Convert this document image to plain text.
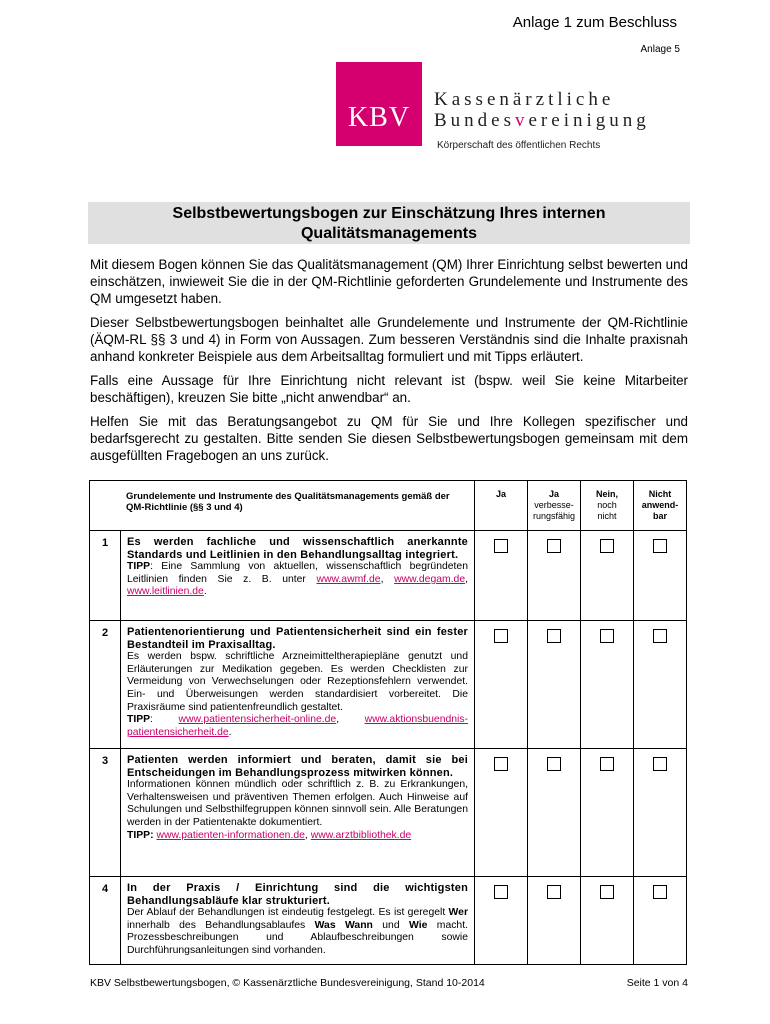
Anlage 1 zum Beschluss
Anlage 5
KBV
Kassenärztliche
Bundesvereinigung
Körperschaft des öffentlichen Rechts
Selbstbewertungsbogen zur Einschätzung Ihres internen
Qualitätsmanagements

Mit diesem Bogen können Sie das Qualitätsmanagement (QM) Ihrer Einrichtung selbst bewerten und einschätzen, inwieweit Sie die in der QM-Richtlinie geforderten Grundelemente und Instrumente des QM umgesetzt haben.

Dieser Selbstbewertungsbogen beinhaltet alle Grundelemente und Instrumente der QM-Richtlinie (ÄQM-RL §§ 3 und 4) in Form von Aussagen. Zum besseren Verständnis sind die Inhalte praxisnah anhand konkreter Beispiele aus dem Arbeitsalltag formuliert und mit Tipps erläutert.

Falls eine Aussage für Ihre Einrichtung nicht relevant ist (bspw. weil Sie keine Mitarbeiter beschäftigen), kreuzen Sie bitte „nicht anwendbar“ an.

Helfen Sie mit das Beratungsangebot zu QM für Sie und Ihre Kollegen spezifischer und bedarfsgerecht zu gestalten. Bitte senden Sie diesen Selbstbewertungsbogen gemeinsam mit dem ausgefüllten Fragebogen an uns zurück.

Grundelemente und Instrumente des Qualitätsmanagements gemäß der QM-Richtlinie (§§ 3 und 4)		Ja	Ja
verbesse-
rungsfähig	Nein,
noch
nicht	Nicht
anwend-
bar
1	Es werden fachliche und wissenschaftlich anerkannte Standards und Leitlinien in den Behandlungsalltag integriert.
TIPP: Eine Sammlung von aktuellen, wissenschaftlich begründeten Leitlinien finden Sie z. B. unter www.awmf.de, www.degam.de, www.leitlinien.de.				

2	Patientenorientierung und Patientensicherheit sind ein fester Bestandteil im Praxisalltag.
Es werden bspw. schriftliche Arzneimitteltherapiepläne genutzt und Erläuterungen zur Medikation gegeben. Es werden Checklisten zur Vermeidung von Verwechselungen oder Rezeptionsfehlern verwendet. Ein- und Überweisungen werden standardisiert vorbereitet. Die Praxisräume sind patientenfreundlich gestaltet.
TIPP: www.patientensicherheit-online.de, www.aktionsbuendnis-patientensicherheit.de.				

3	Patienten werden informiert und beraten, damit sie bei Entscheidungen im Behandlungsprozess mitwirken können.
Informationen können mündlich oder schriftlich z. B. zu Erkrankungen, Verhaltensweisen und präventiven Themen erfolgen. Auch Hinweise auf Schulungen und Selbsthilfegruppen können sinnvoll sein. Alle Beratungen werden in der Patientenakte dokumentiert.
TIPP: www.patienten-informationen.de, www.arztbibliothek.de				

4	In der Praxis / Einrichtung sind die wichtigsten Behandlungsabläufe klar strukturiert.
Der Ablauf der Behandlungen ist eindeutig festgelegt. Es ist geregelt Wer innerhalb des Behandlungsablaufes Was Wann und Wie macht. Prozessbeschreibungen und Ablaufbeschreibungen sowie Durchführungsanleitungen sind vorhanden.				

KBV Selbstbewertungsbogen, © Kassenärztliche Bundesvereinigung, Stand 10-2014	Seite 1 von 4
